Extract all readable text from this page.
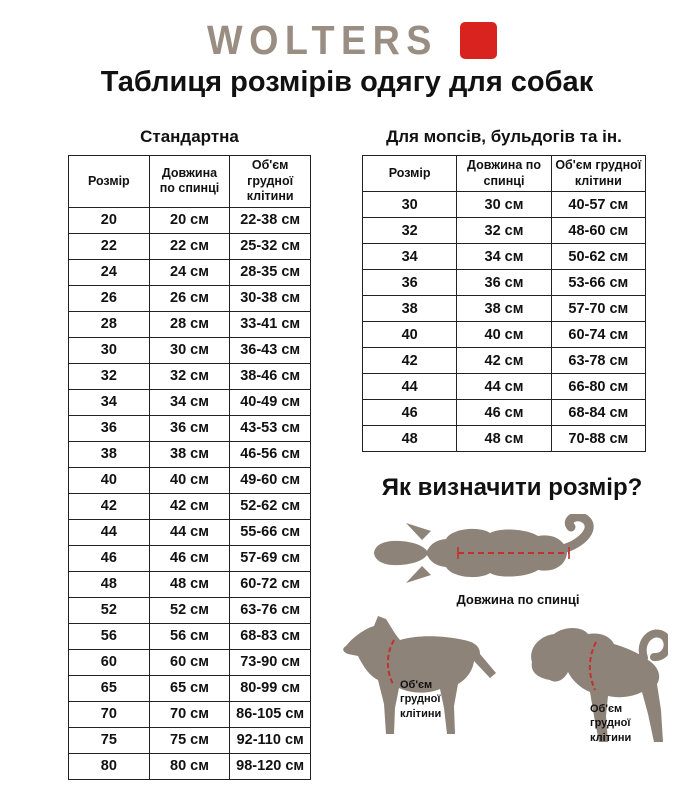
WOLTERS
Таблиця розмірів одягу для собак
Стандартна
Розмір	Довжина по спинці	Об'єм грудної клітини
20	20 см	22-38 см
22	22 см	25-32 см
24	24 см	28-35 см
26	26 см	30-38 см
28	28 см	33-41 см
30	30 см	36-43 см
32	32 см	38-46 см
34	34 см	40-49 см
36	36 см	43-53 см
38	38 см	46-56 см
40	40 см	49-60 см
42	42 см	52-62 см
44	44 см	55-66 см
46	46 см	57-69 см
48	48 см	60-72 см
52	52 см	63-76 см
56	56 см	68-83 см
60	60 см	73-90 см
65	65 см	80-99 см
70	70 см	86-105 см
75	75 см	92-110 см
80	80 см	98-120 см
Для мопсів, бульдогів та ін.
Розмір	Довжина по спинці	Об'єм грудної клітини
30	30 см	40-57 см
32	32 см	48-60 см
34	34 см	50-62 см
36	36 см	53-66 см
38	38 см	57-70 см
40	40 см	60-74 см
42	42 см	63-78 см
44	44 см	66-80 см
46	46 см	68-84 см
48	48 см	70-88 см
Як визначити розмір?
Довжина по спинці
Об'єм
грудної
клітини	Об'єм
грудної
клітини
